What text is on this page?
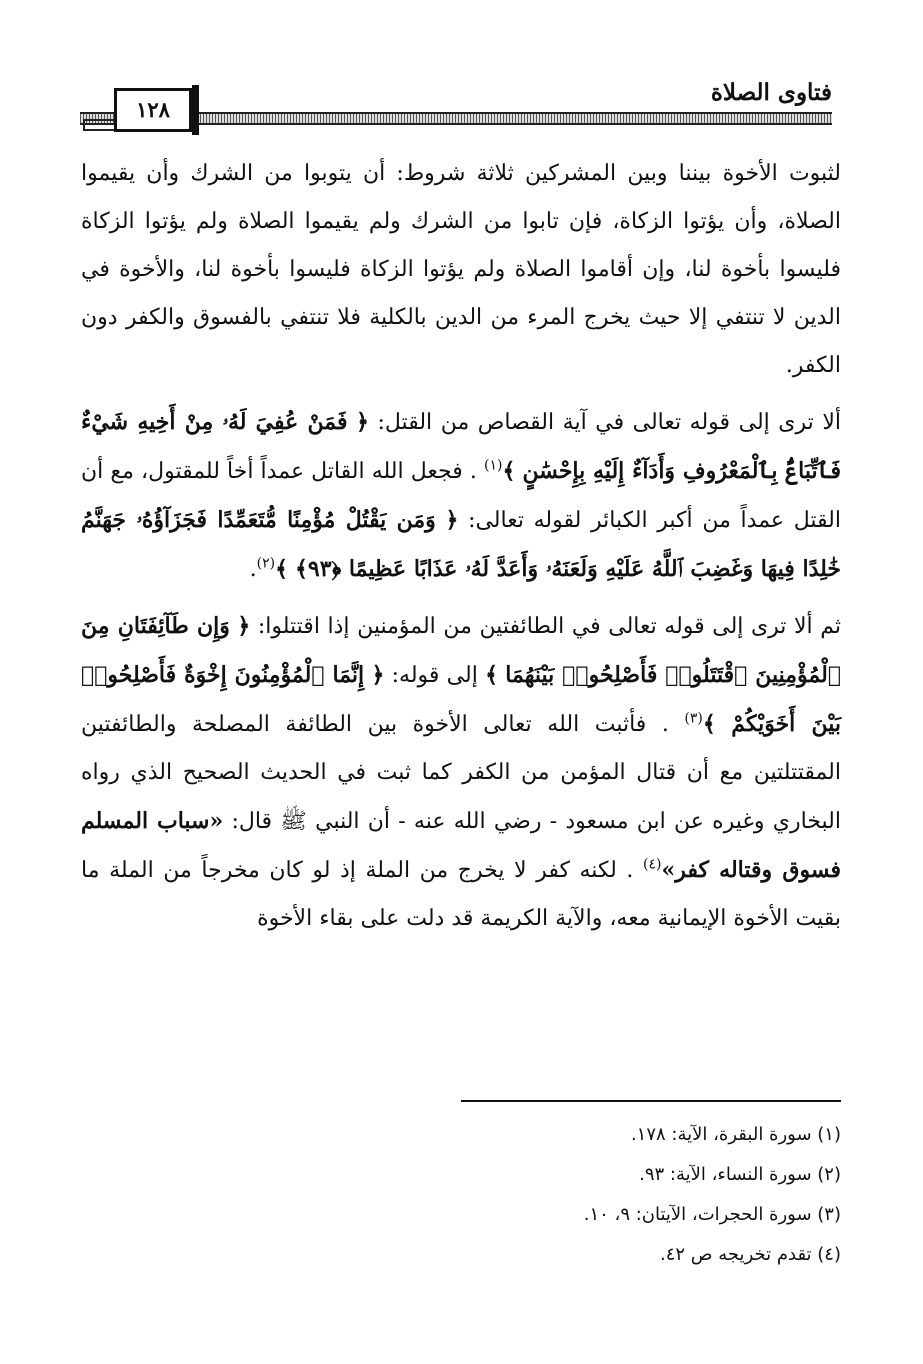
فتاوى الصلاة
١٢٨

لثبوت الأخوة بيننا وبين المشركين ثلاثة شروط: أن يتوبوا من الشرك وأن يقيموا الصلاة، وأن يؤتوا الزكاة، فإن تابوا من الشرك ولم يقيموا الصلاة ولم يؤتوا الزكاة فليسوا بأخوة لنا، وإن أقاموا الصلاة ولم يؤتوا الزكاة فليسوا بأخوة لنا، والأخوة في الدين لا تنتفي إلا حيث يخرج المرء من الدين بالكلية فلا تنتفي بالفسوق والكفر دون الكفر.

ألا ترى إلى قوله تعالى في آية القصاص من القتل: ﴿ فَمَنْ عُفِيَ لَهُۥ مِنْ أَخِيهِ شَيْءٌ فَٱتِّبَاعٌۢ بِٱلْمَعْرُوفِ وَأَدَآءٌ إِلَيْهِ بِإِحْسَٰنٍ ﴾$^{(١)}$ . فجعل الله القاتل عمداً أخاً للمقتول، مع أن القتل عمداً من أكبر الكبائر لقوله تعالى: ﴿ وَمَن يَقْتُلْ مُؤْمِنًا مُّتَعَمِّدًا فَجَزَآؤُهُۥ جَهَنَّمُ خَٰلِدًا فِيهَا وَغَضِبَ ٱللَّهُ عَلَيْهِ وَلَعَنَهُۥ وَأَعَدَّ لَهُۥ عَذَابًا عَظِيمًا ﴿٩٣﴾ ﴾$^{(٢)}$.

ثم ألا ترى إلى قوله تعالى في الطائفتين من المؤمنين إذا اقتتلوا: ﴿ وَإِن طَآئِفَتَانِ مِنَ ٱلْمُؤْمِنِينَ ٱقْتَتَلُوا۟ فَأَصْلِحُوا۟ بَيْنَهُمَا ﴾ إلى قوله: ﴿ إِنَّمَا ٱلْمُؤْمِنُونَ إِخْوَةٌ فَأَصْلِحُوا۟ بَيْنَ أَخَوَيْكُمْ ﴾$^{(٣)}$ . فأثبت الله تعالى الأخوة بين الطائفة المصلحة والطائفتين المقتتلتين مع أن قتال المؤمن من الكفر كما ثبت في الحديث الصحيح الذي رواه البخاري وغيره عن ابن مسعود - رضي الله عنه - أن النبي ﷺ قال: «سباب المسلم فسوق وقتاله كفر»$^{(٤)}$ . لكنه كفر لا يخرج من الملة إذ لو كان مخرجاً من الملة ما بقيت الأخوة الإيمانية معه، والآية الكريمة قد دلت على بقاء الأخوة

(١) سورة البقرة، الآية: ١٧٨.
(٢) سورة النساء، الآية: ٩٣.
(٣) سورة الحجرات، الآيتان: ٩، ١٠.
(٤) تقدم تخريجه ص ٤٢.
